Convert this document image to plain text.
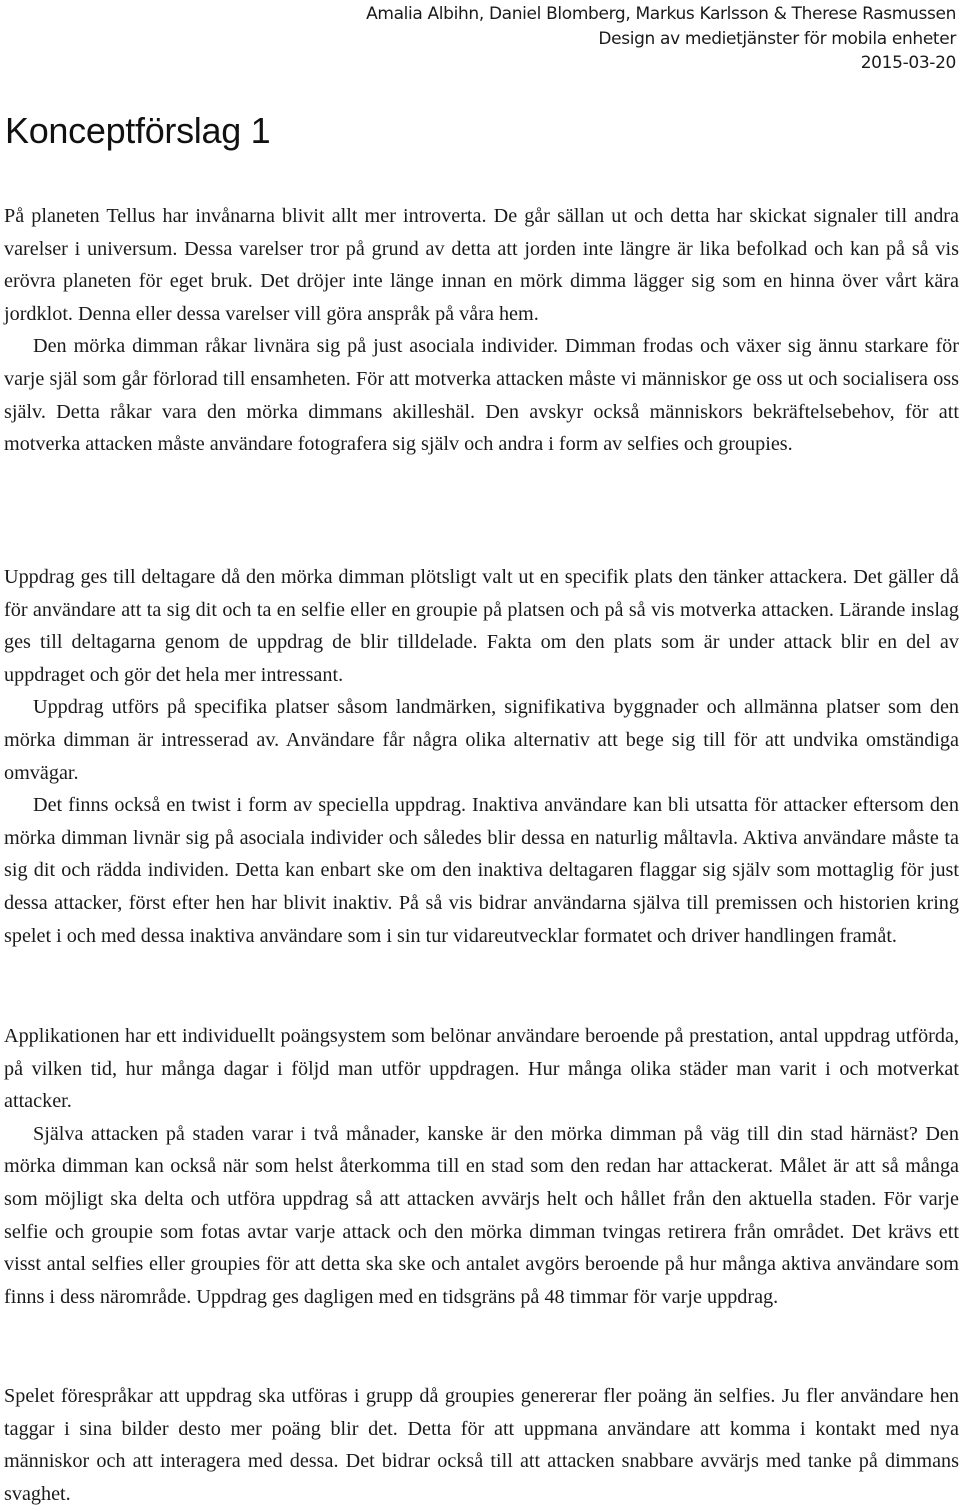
Amalia Albihn, Daniel Blomberg, Markus Karlsson & Therese Rasmussen
Design av medietjänster för mobila enheter
2015-03-20
Konceptförslag 1

På planeten Tellus har invånarna blivit allt mer introverta. De går sällan ut och detta har skickat signaler till andra varelser i universum. Dessa varelser tror på grund av detta att jorden inte längre är lika befolkad och kan på så vis erövra planeten för eget bruk. Det dröjer inte länge innan en mörk dimma lägger sig som en hinna över vårt kära jordklot. Denna eller dessa varelser vill göra anspråk på våra hem.

Den mörka dimman råkar livnära sig på just asociala individer. Dimman frodas och växer sig ännu starkare för varje själ som går förlorad till ensamheten. För att motverka attacken måste vi människor ge oss ut och socialisera oss själv. Detta råkar vara den mörka dimmans akilleshäl. Den avskyr också människors bekräftelsebehov, för att motverka attacken måste användare fotografera sig själv och andra i form av selfies och groupies.

Uppdrag ges till deltagare då den mörka dimman plötsligt valt ut en specifik plats den tänker attackera. Det gäller då för användare att ta sig dit och ta en selfie eller en groupie på platsen och på så vis motverka attacken. Lärande inslag ges till deltagarna genom de uppdrag de blir tilldelade. Fakta om den plats som är under attack blir en del av uppdraget och gör det hela mer intressant.

Uppdrag utförs på specifika platser såsom landmärken, signifikativa byggnader och allmänna platser som den mörka dimman är intresserad av. Användare får några olika alternativ att bege sig till för att undvika omständiga omvägar.

Det finns också en twist i form av speciella uppdrag. Inaktiva användare kan bli utsatta för attacker eftersom den mörka dimman livnär sig på asociala individer och således blir dessa en naturlig måltavla. Aktiva användare måste ta sig dit och rädda individen. Detta kan enbart ske om den inaktiva deltagaren flaggar sig själv som mottaglig för just dessa attacker, först efter hen har blivit inaktiv. På så vis bidrar användarna själva till premissen och historien kring spelet i och med dessa inaktiva användare som i sin tur vidareutvecklar formatet och driver handlingen framåt.

Applikationen har ett individuellt poängsystem som belönar användare beroende på prestation, antal uppdrag utförda, på vilken tid, hur många dagar i följd man utför uppdragen. Hur många olika städer man varit i och motverkat attacker.

Själva attacken på staden varar i två månader, kanske är den mörka dimman på väg till din stad härnäst? Den mörka dimman kan också när som helst återkomma till en stad som den redan har attackerat. Målet är att så många som möjligt ska delta och utföra uppdrag så att attacken avvärjs helt och hållet från den aktuella staden. För varje selfie och groupie som fotas avtar varje attack och den mörka dimman tvingas retirera från området. Det krävs ett visst antal selfies eller groupies för att detta ska ske och antalet avgörs beroende på hur många aktiva användare som finns i dess närområde. Uppdrag ges dagligen med en tidsgräns på 48 timmar för varje uppdrag.

Spelet förespråkar att uppdrag ska utföras i grupp då groupies genererar fler poäng än selfies. Ju fler användare hen taggar i sina bilder desto mer poäng blir det. Detta för att uppmana användare att komma i kontakt med nya människor och att interagera med dessa. Det bidrar också till att attacken snabbare avvärjs med tanke på dimmans svaghet.
